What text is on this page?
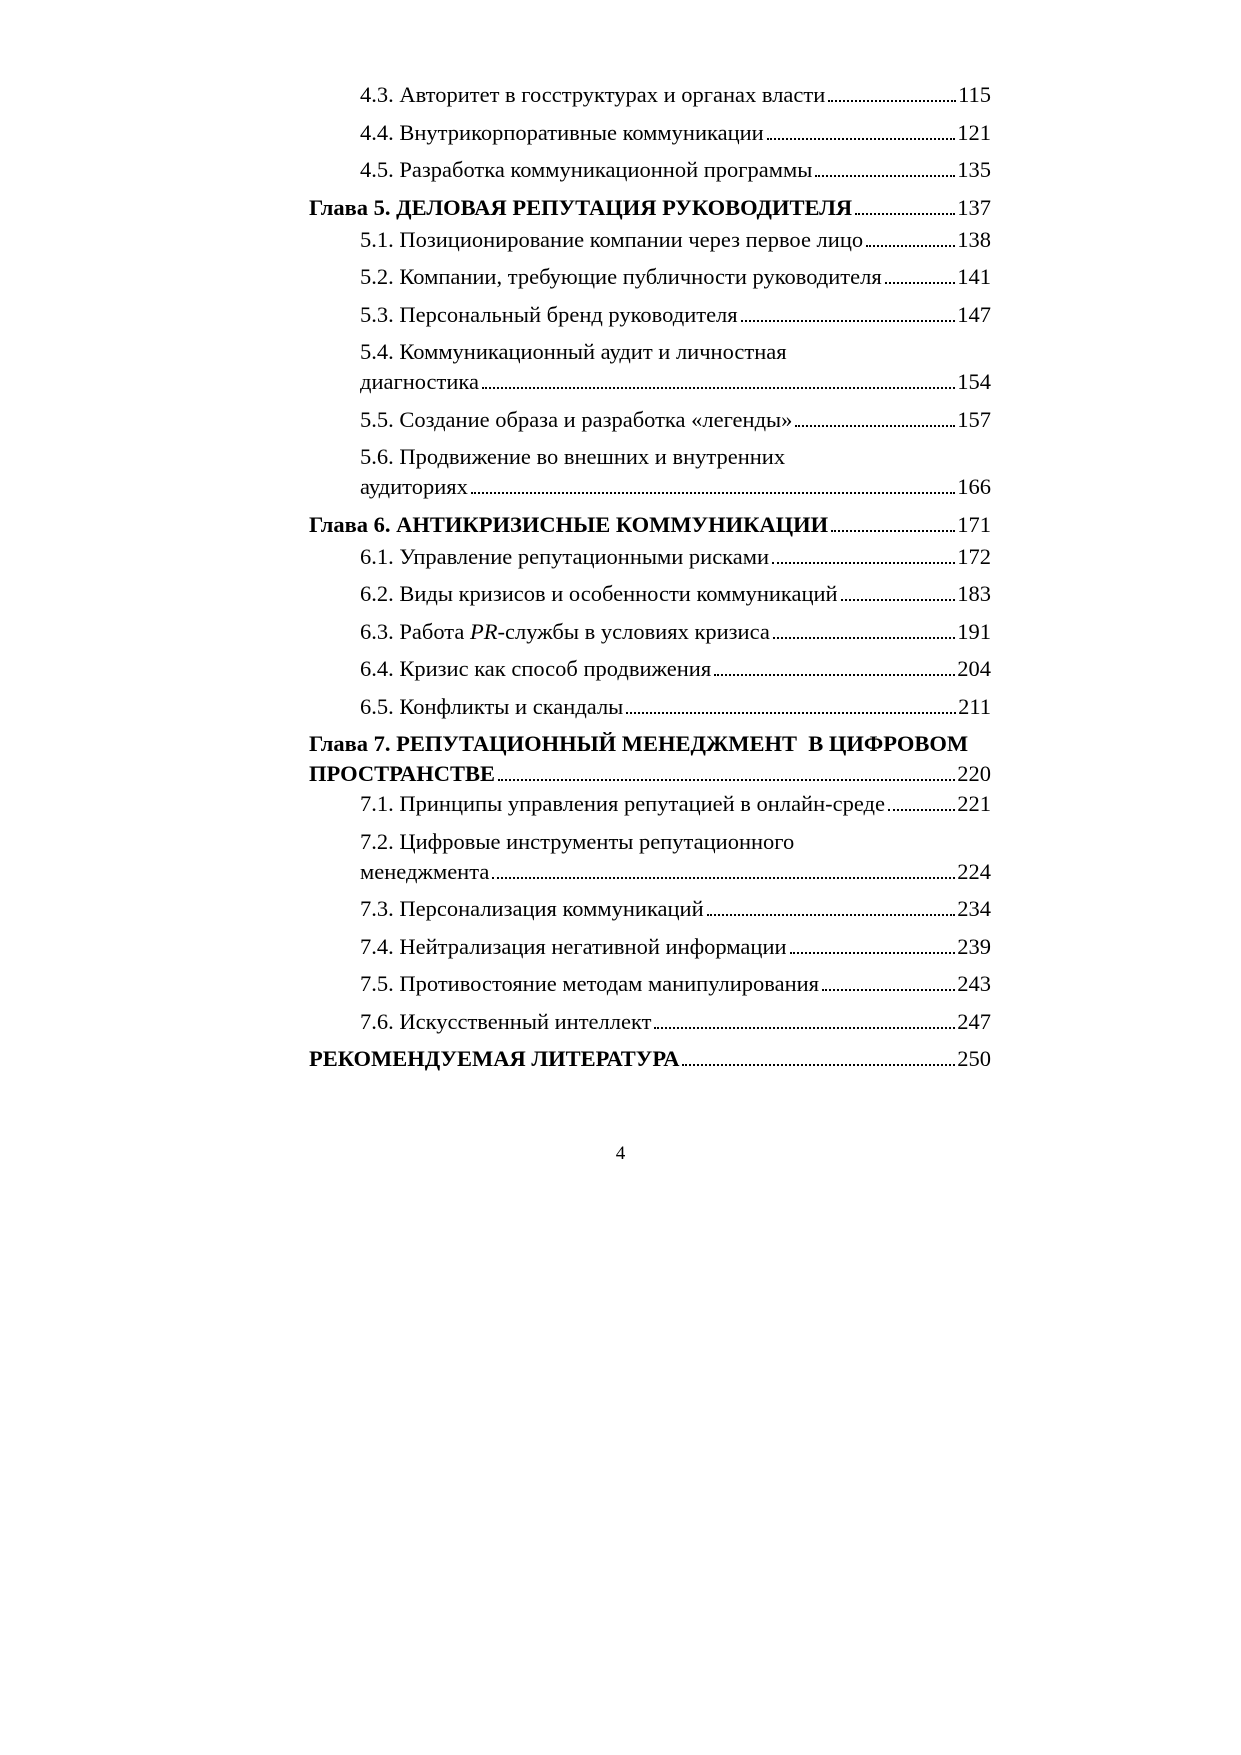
4.3. Авторитет в госструктурах и органах власти	115
4.4. Внутрикорпоративные коммуникации	121
4.5. Разработка коммуникационной программы	135
Глава 5. ДЕЛОВАЯ РЕПУТАЦИЯ РУКОВОДИТЕЛЯ	137
5.1. Позиционирование компании через первое лицо	138
5.2. Компании, требующие публичности руководителя	141
5.3. Персональный бренд руководителя	147
5.4. Коммуникационный аудит и личностная
диагностика	154
5.5. Создание образа и разработка «легенды»	157
5.6. Продвижение во внешних и внутренних
аудиториях	166
Глава 6. АНТИКРИЗИСНЫЕ КОММУНИКАЦИИ	171
6.1. Управление репутационными рисками	172
6.2. Виды кризисов и особенности коммуникаций	183
6.3. Работа PR-службы в условиях кризиса	191
6.4. Кризис как способ продвижения	204
6.5. Конфликты и скандалы	211
Глава 7. РЕПУТАЦИОННЫЙ МЕНЕДЖМЕНТ  В ЦИФРОВОМ
ПРОСТРАНСТВЕ	220
7.1. Принципы управления репутацией в онлайн-среде	221
7.2. Цифровые инструменты репутационного
менеджмента	224
7.3. Персонализация коммуникаций	234
7.4. Нейтрализация негативной информации	239
7.5. Противостояние методам манипулирования	243
7.6. Искусственный интеллект	247
РЕКОМЕНДУЕМАЯ ЛИТЕРАТУРА	250
4
